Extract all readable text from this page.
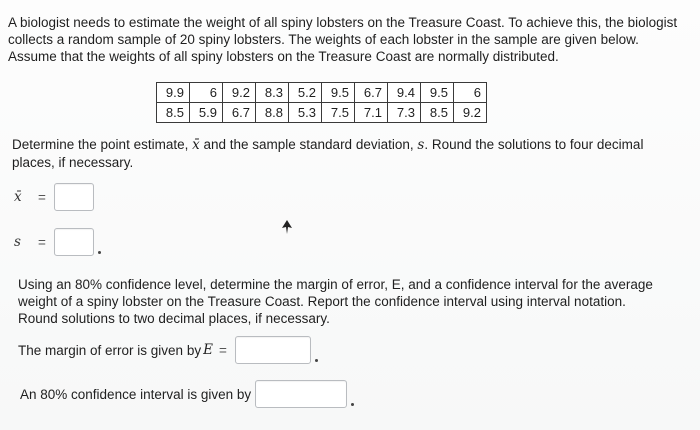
A biologist needs to estimate the weight of all spiny lobsters on the Treasure Coast. To achieve this, the biologist collects a random sample of 20 spiny lobsters. The weights of each lobster in the sample are given below. Assume that the weights of all spiny lobsters on the Treasure Coast are normally distributed.

9.9	6	9.2	8.3	5.2	9.5	6.7	9.4	9.5	6
8.5	5.9	6.7	8.8	5.3	7.5	7.1	7.3	8.5	9.2

Determine the point estimate, x̄ and the sample standard deviation, s. Round the solutions to four decimal places, if necessary.

x̄	=
s	=

Using an 80% confidence level, determine the margin of error, E, and a confidence interval for the average weight of a spiny lobster on the Treasure Coast. Report the confidence interval using interval notation. Round solutions to two decimal places, if necessary.

The margin of error is given by E =
An 80% confidence interval is given by
